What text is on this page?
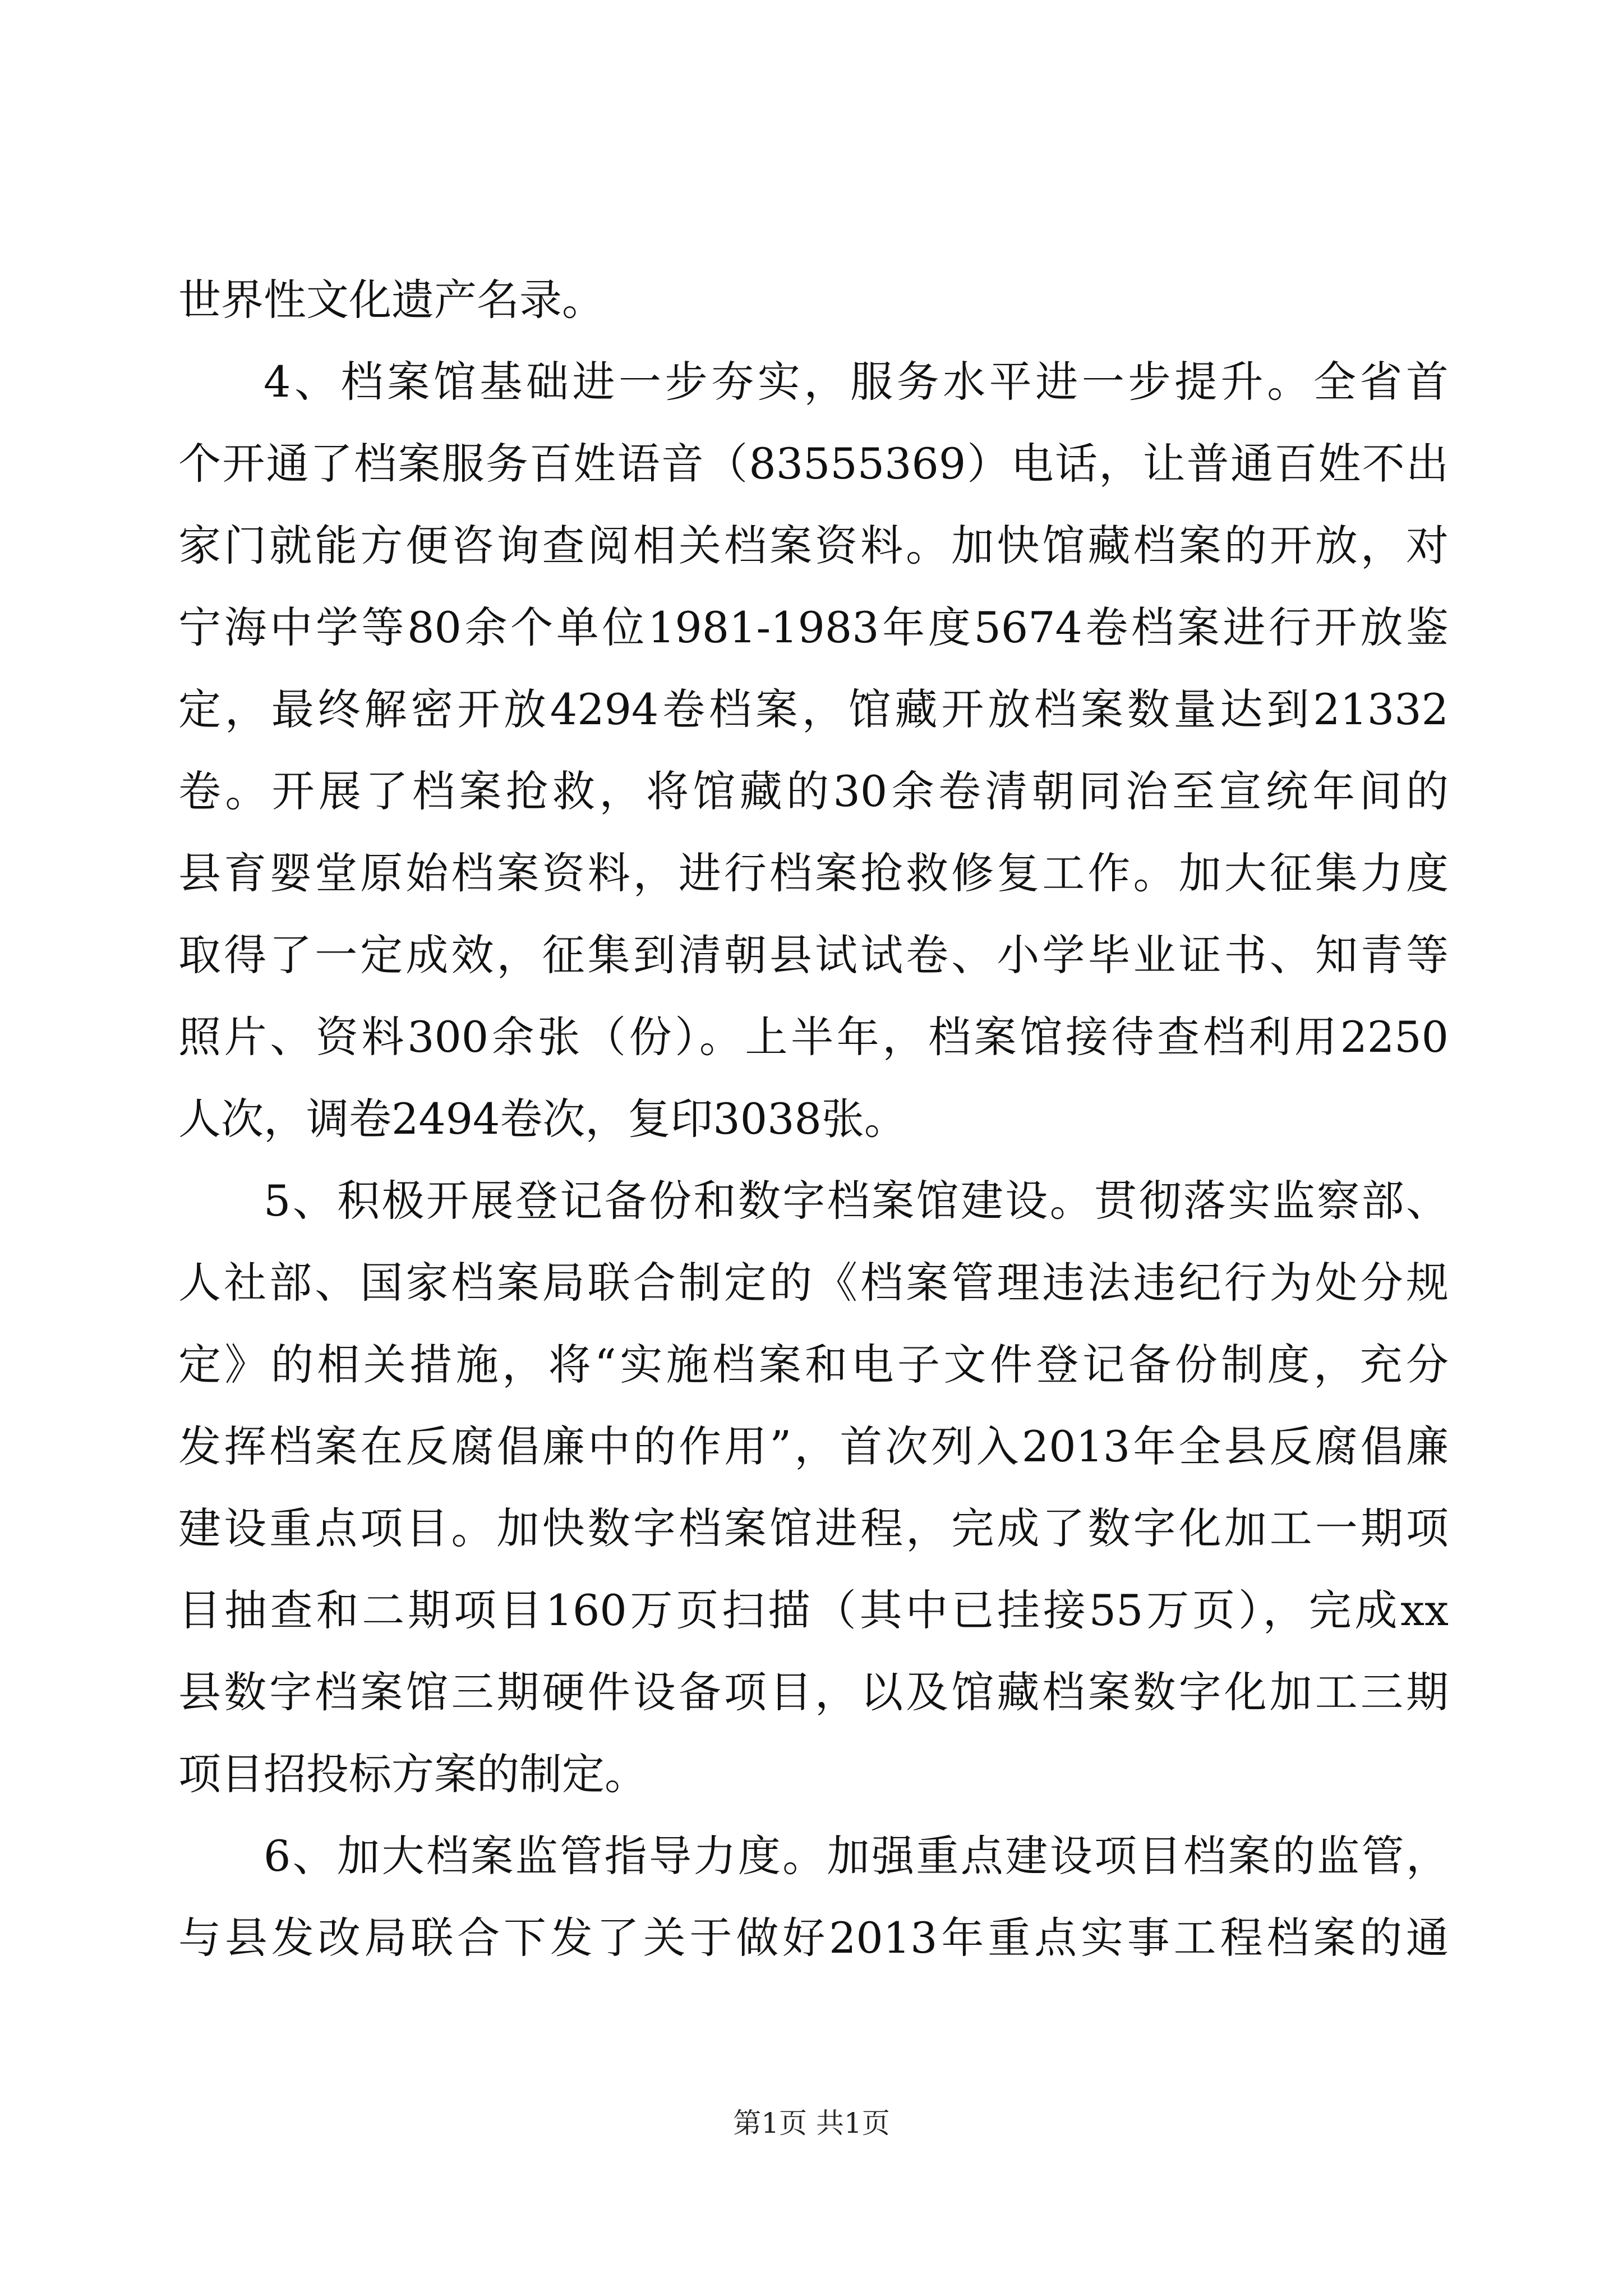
世界性文化遗产名录。
4、档案馆基础进一步夯实，服务水平进一步提升。全省首
个开通了档案服务百姓语音（83555369）电话，让普通百姓不出
家门就能方便咨询查阅相关档案资料。加快馆藏档案的开放，对
宁海中学等80余个单位1981-1983年度5674卷档案进行开放鉴
定，最终解密开放4294卷档案，馆藏开放档案数量达到21332
卷。开展了档案抢救，将馆藏的30余卷清朝同治至宣统年间的
县育婴堂原始档案资料，进行档案抢救修复工作。加大征集力度
取得了一定成效，征集到清朝县试试卷、小学毕业证书、知青等
照片、资料300余张（份）。上半年，档案馆接待查档利用2250
人次，调卷2494卷次，复印3038张。
5、积极开展登记备份和数字档案馆建设。贯彻落实监察部、
人社部、国家档案局联合制定的《档案管理违法违纪行为处分规
定》的相关措施，将“实施档案和电子文件登记备份制度，充分
发挥档案在反腐倡廉中的作用”，首次列入2013年全县反腐倡廉
建设重点项目。加快数字档案馆进程，完成了数字化加工一期项
目抽查和二期项目160万页扫描（其中已挂接55万页），完成xx
县数字档案馆三期硬件设备项目，以及馆藏档案数字化加工三期
项目招投标方案的制定。
6、加大档案监管指导力度。加强重点建设项目档案的监管，
与县发改局联合下发了关于做好2013年重点实事工程档案的通
第1页 共1页
